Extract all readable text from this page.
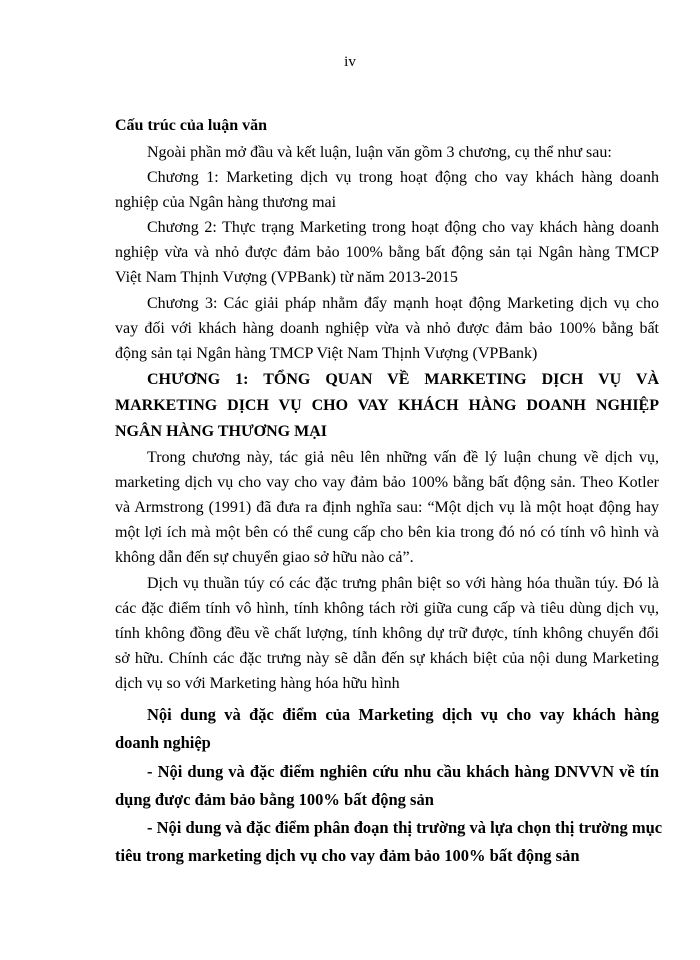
iv
Cấu trúc của luận văn
Ngoài phần mở đầu và kết luận, luận văn gồm 3 chương, cụ thể như sau:
Chương 1: Marketing dịch vụ trong hoạt động cho vay khách hàng doanh
nghiệp của Ngân hàng thương mai
Chương 2: Thực trạng Marketing trong hoạt động cho vay khách hàng doanh
nghiệp vừa và nhỏ được đảm bảo 100% bằng bất động sản tại Ngân hàng TMCP
Việt Nam Thịnh Vượng (VPBank) từ năm 2013-2015
Chương 3: Các giải pháp nhằm đẩy mạnh hoạt động Marketing dịch vụ cho
vay đối với khách hàng doanh nghiệp vừa và nhỏ được đảm bảo 100% bằng bất
động sản tại Ngân hàng TMCP Việt Nam Thịnh Vượng (VPBank)
CHƯƠNG 1: TỔNG QUAN VỀ MARKETING DỊCH VỤ VÀ
MARKETING DỊCH VỤ CHO VAY KHÁCH HÀNG DOANH NGHIỆP
NGÂN HÀNG THƯƠNG MẠI
Trong chương này, tác giả nêu lên những vấn đề lý luận chung về dịch vụ,
marketing dịch vụ cho vay cho vay đảm bảo 100% bằng bất động sản. Theo Kotler
và Armstrong (1991) đã đưa ra định nghĩa sau: “Một dịch vụ là một hoạt động hay
một lợi ích mà một bên có thể cung cấp cho bên kia trong đó nó có tính vô hình và
không dẫn đến sự chuyển giao sở hữu nào cả”.
Dịch vụ thuần túy có các đặc trưng phân biệt so với hàng hóa thuần túy. Đó là
các đặc điểm tính vô hình, tính không tách rời giữa cung cấp và tiêu dùng dịch vụ,
tính không đồng đều về chất lượng, tính không dự trữ được, tính không chuyển đổi
sở hữu. Chính các đặc trưng này sẽ dẫn đến sự khách biệt của nội dung Marketing
dịch vụ so với Marketing hàng hóa hữu hình
Nội dung và đặc điểm của Marketing dịch vụ cho vay khách hàng
doanh nghiệp
- Nội dung và đặc điểm nghiên cứu nhu cầu khách hàng DNVVN về tín
dụng được đảm bảo bằng 100% bất động sản
- Nội dung và đặc điểm phân đoạn thị trường và lựa chọn thị trường mục
tiêu trong marketing dịch vụ cho vay đảm bảo 100% bất động sản
